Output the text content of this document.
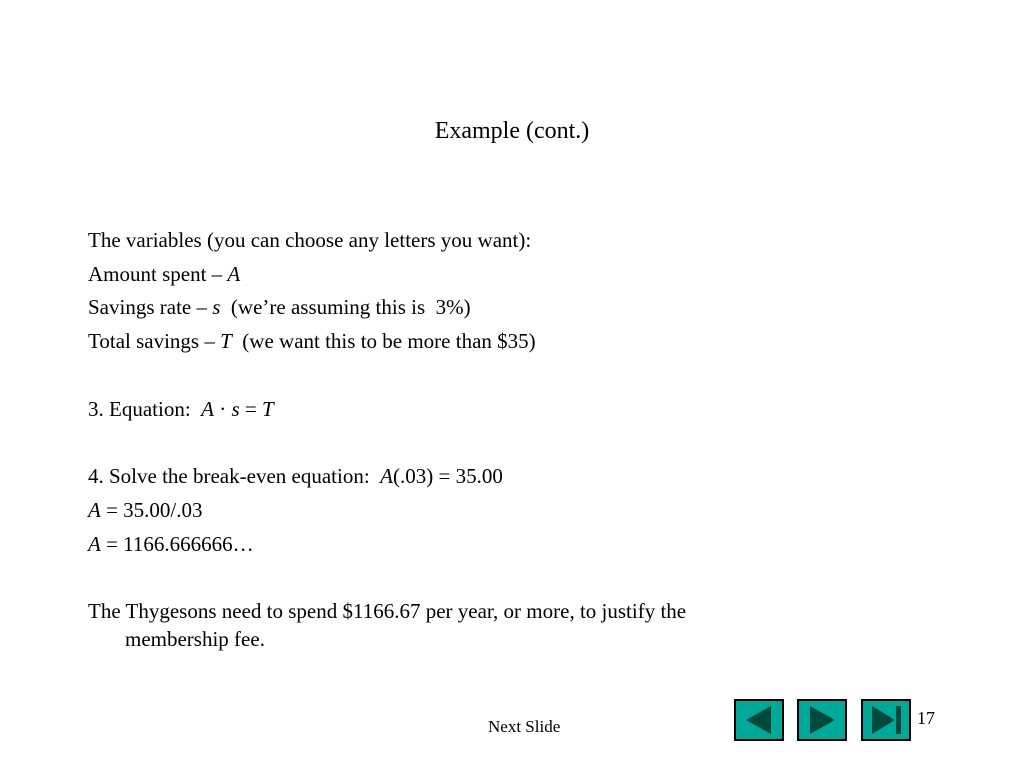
Example (cont.)
The variables (you can choose any letters you want):
Amount spent – A
Savings rate – s  (we’re assuming this is  3%)
Total savings – T  (we want this to be more than $35)
3. Equation:  A · s = T
4. Solve the break-even equation:  A(.03) = 35.00
A = 35.00/.03
A = 1166.666666…
The Thygesons need to spend $1166.67 per year, or more, to justify the
membership fee.
Next Slide	17
